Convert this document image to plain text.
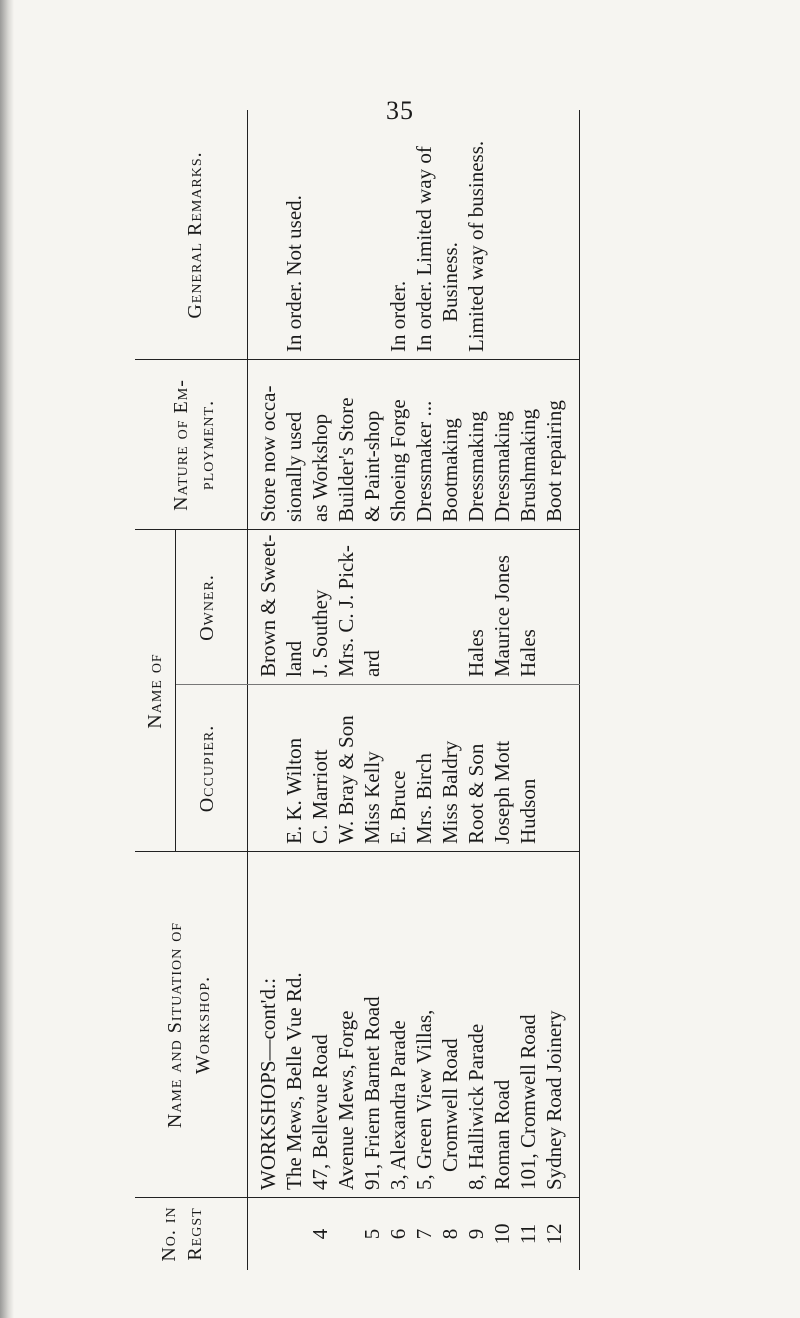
35
No. in Regst
Name and Situation of Workshop.
Name of
Occupier.
Owner.
Nature of Em- ployment.
General Remarks.
4 5 6 7 8 9 10 11 12
WORKSHOPS—cont'd.: The Mews, Belle Vue Rd. 47, Bellevue Road Avenue Mews, Forge 91, Friern Barnet Road 3, Alexandra Parade 5, Green View Villas, Cromwell Road 8, Halliwick Parade Roman Road 101, Cromwell Road Sydney Road Joinery
E. K. Wilton C. Marriott W. Bray & Son Miss Kelly E. Bruce Mrs. Birch Miss Baldry Root & Son Joseph Mott Hudson
Brown & Sweet- land J. Southey Mrs. C. J. Pick- ard	Hales Maurice Jones Hales
Store now occa- sionally used as Workshop Builder's Store & Paint-shop Shoeing Forge Dressmaker ... Bootmaking Dressmaking Dressmaking Brushmaking Boot repairing
In order. Not used.	In order. In order. Limited way of Business. Limited way of business.
